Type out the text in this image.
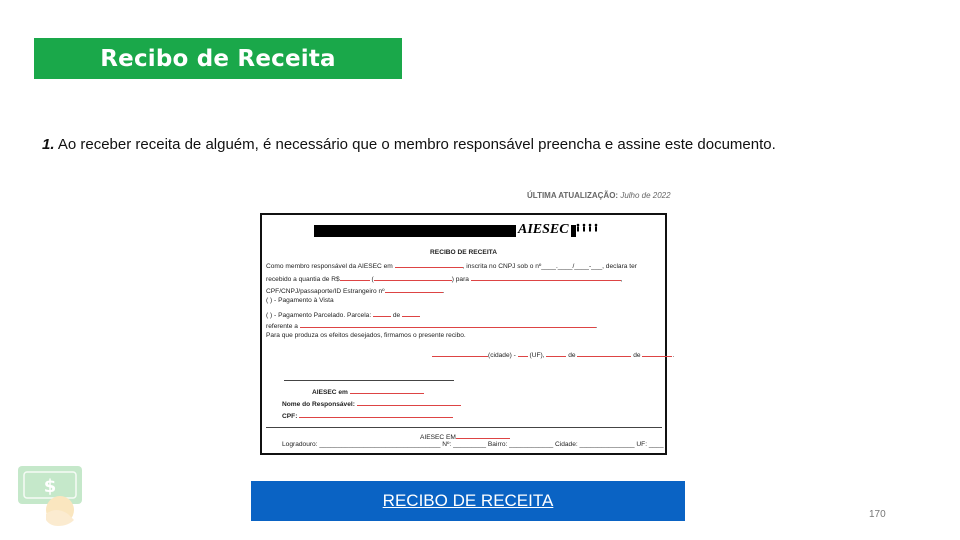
Recibo de Receita
1. Ao receber receita de alguém, é necessário que o membro responsável preencha e assine este documento.
ÚLTIMA ATUALIZAÇÃO: Julho de 2022
AIESEC
RECIBO DE RECEITA
Como membro responsável da AIESEC em	, inscrita no CNPJ sob o nº____.____/____-___, declara ter
recebido a quantia de R$	(	) para	,
CPF/CNPJ/passaporte/ID Estrangeiro nº	.
( ) - Pagamento à Vista
( ) - Pagamento Parcelado. Parcela:	de
referente a	.
Para que produza os efeitos desejados, firmamos o presente recibo.
(cidade) -  (UF),	de	de	.
AIESEC em
Nome do Responsável:
CPF:
AIESEC EM
Logradouro: _________________________________ Nº: _________ Bairro: ____________ Cidade: _______________ UF: ____
RECIBO DE RECEITA
170
$
